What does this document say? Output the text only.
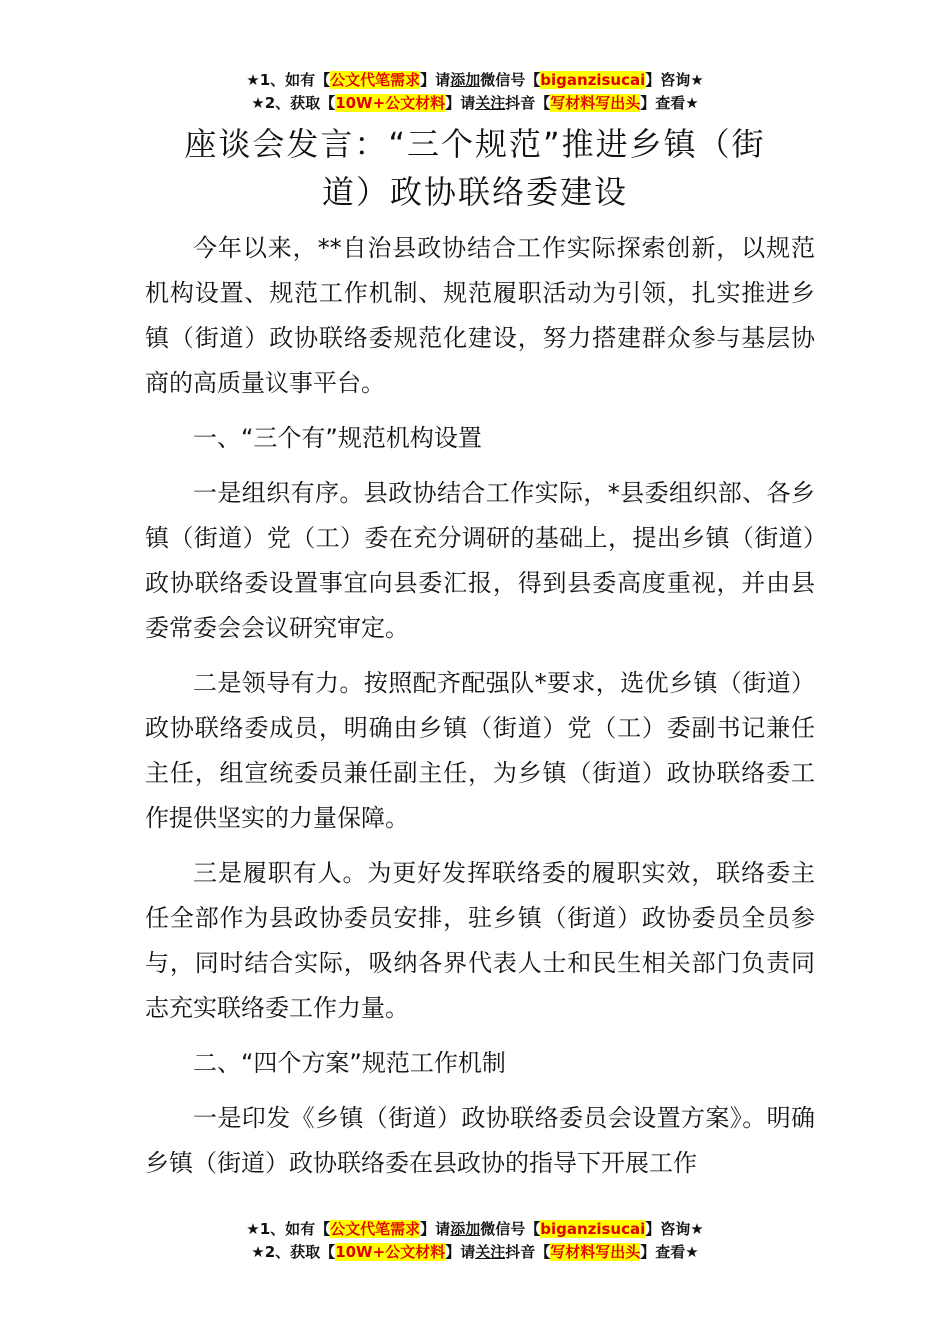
★1、如有【公文代笔需求】请添加微信号【biganzisucai】咨询★
★2、获取【10W+公文材料】请关注抖音【写材料写出头】查看★
座谈会发言：“三个规范”推进乡镇（街
道）政协联络委建设

今年以来，**自治县政协结合工作实际探索创新，以规范机构设置、规范工作机制、规范履职活动为引领，扎实推进乡镇（街道）政协联络委规范化建设，努力搭建群众参与基层协商的高质量议事平台。

一、“三个有”规范机构设置

一是组织有序。县政协结合工作实际，*县委组织部、各乡镇（街道）党（工）委在充分调研的基础上，提出乡镇（街道）政协联络委设置事宜向县委汇报，得到县委高度重视，并由县委常委会会议研究审定。

二是领导有力。按照配齐配强队*要求，选优乡镇（街道）政协联络委成员，明确由乡镇（街道）党（工）委副书记兼任主任，组宣统委员兼任副主任，为乡镇（街道）政协联络委工作提供坚实的力量保障。

三是履职有人。为更好发挥联络委的履职实效，联络委主任全部作为县政协委员安排，驻乡镇（街道）政协委员全员参与，同时结合实际，吸纳各界代表人士和民生相关部门负责同志充实联络委工作力量。

二、“四个方案”规范工作机制

一是印发《乡镇（街道）政协联络委员会设置方案》。明确乡镇（街道）政协联络委在县政协的指导下开展工作

★1、如有【公文代笔需求】请添加微信号【biganzisucai】咨询★
★2、获取【10W+公文材料】请关注抖音【写材料写出头】查看★
